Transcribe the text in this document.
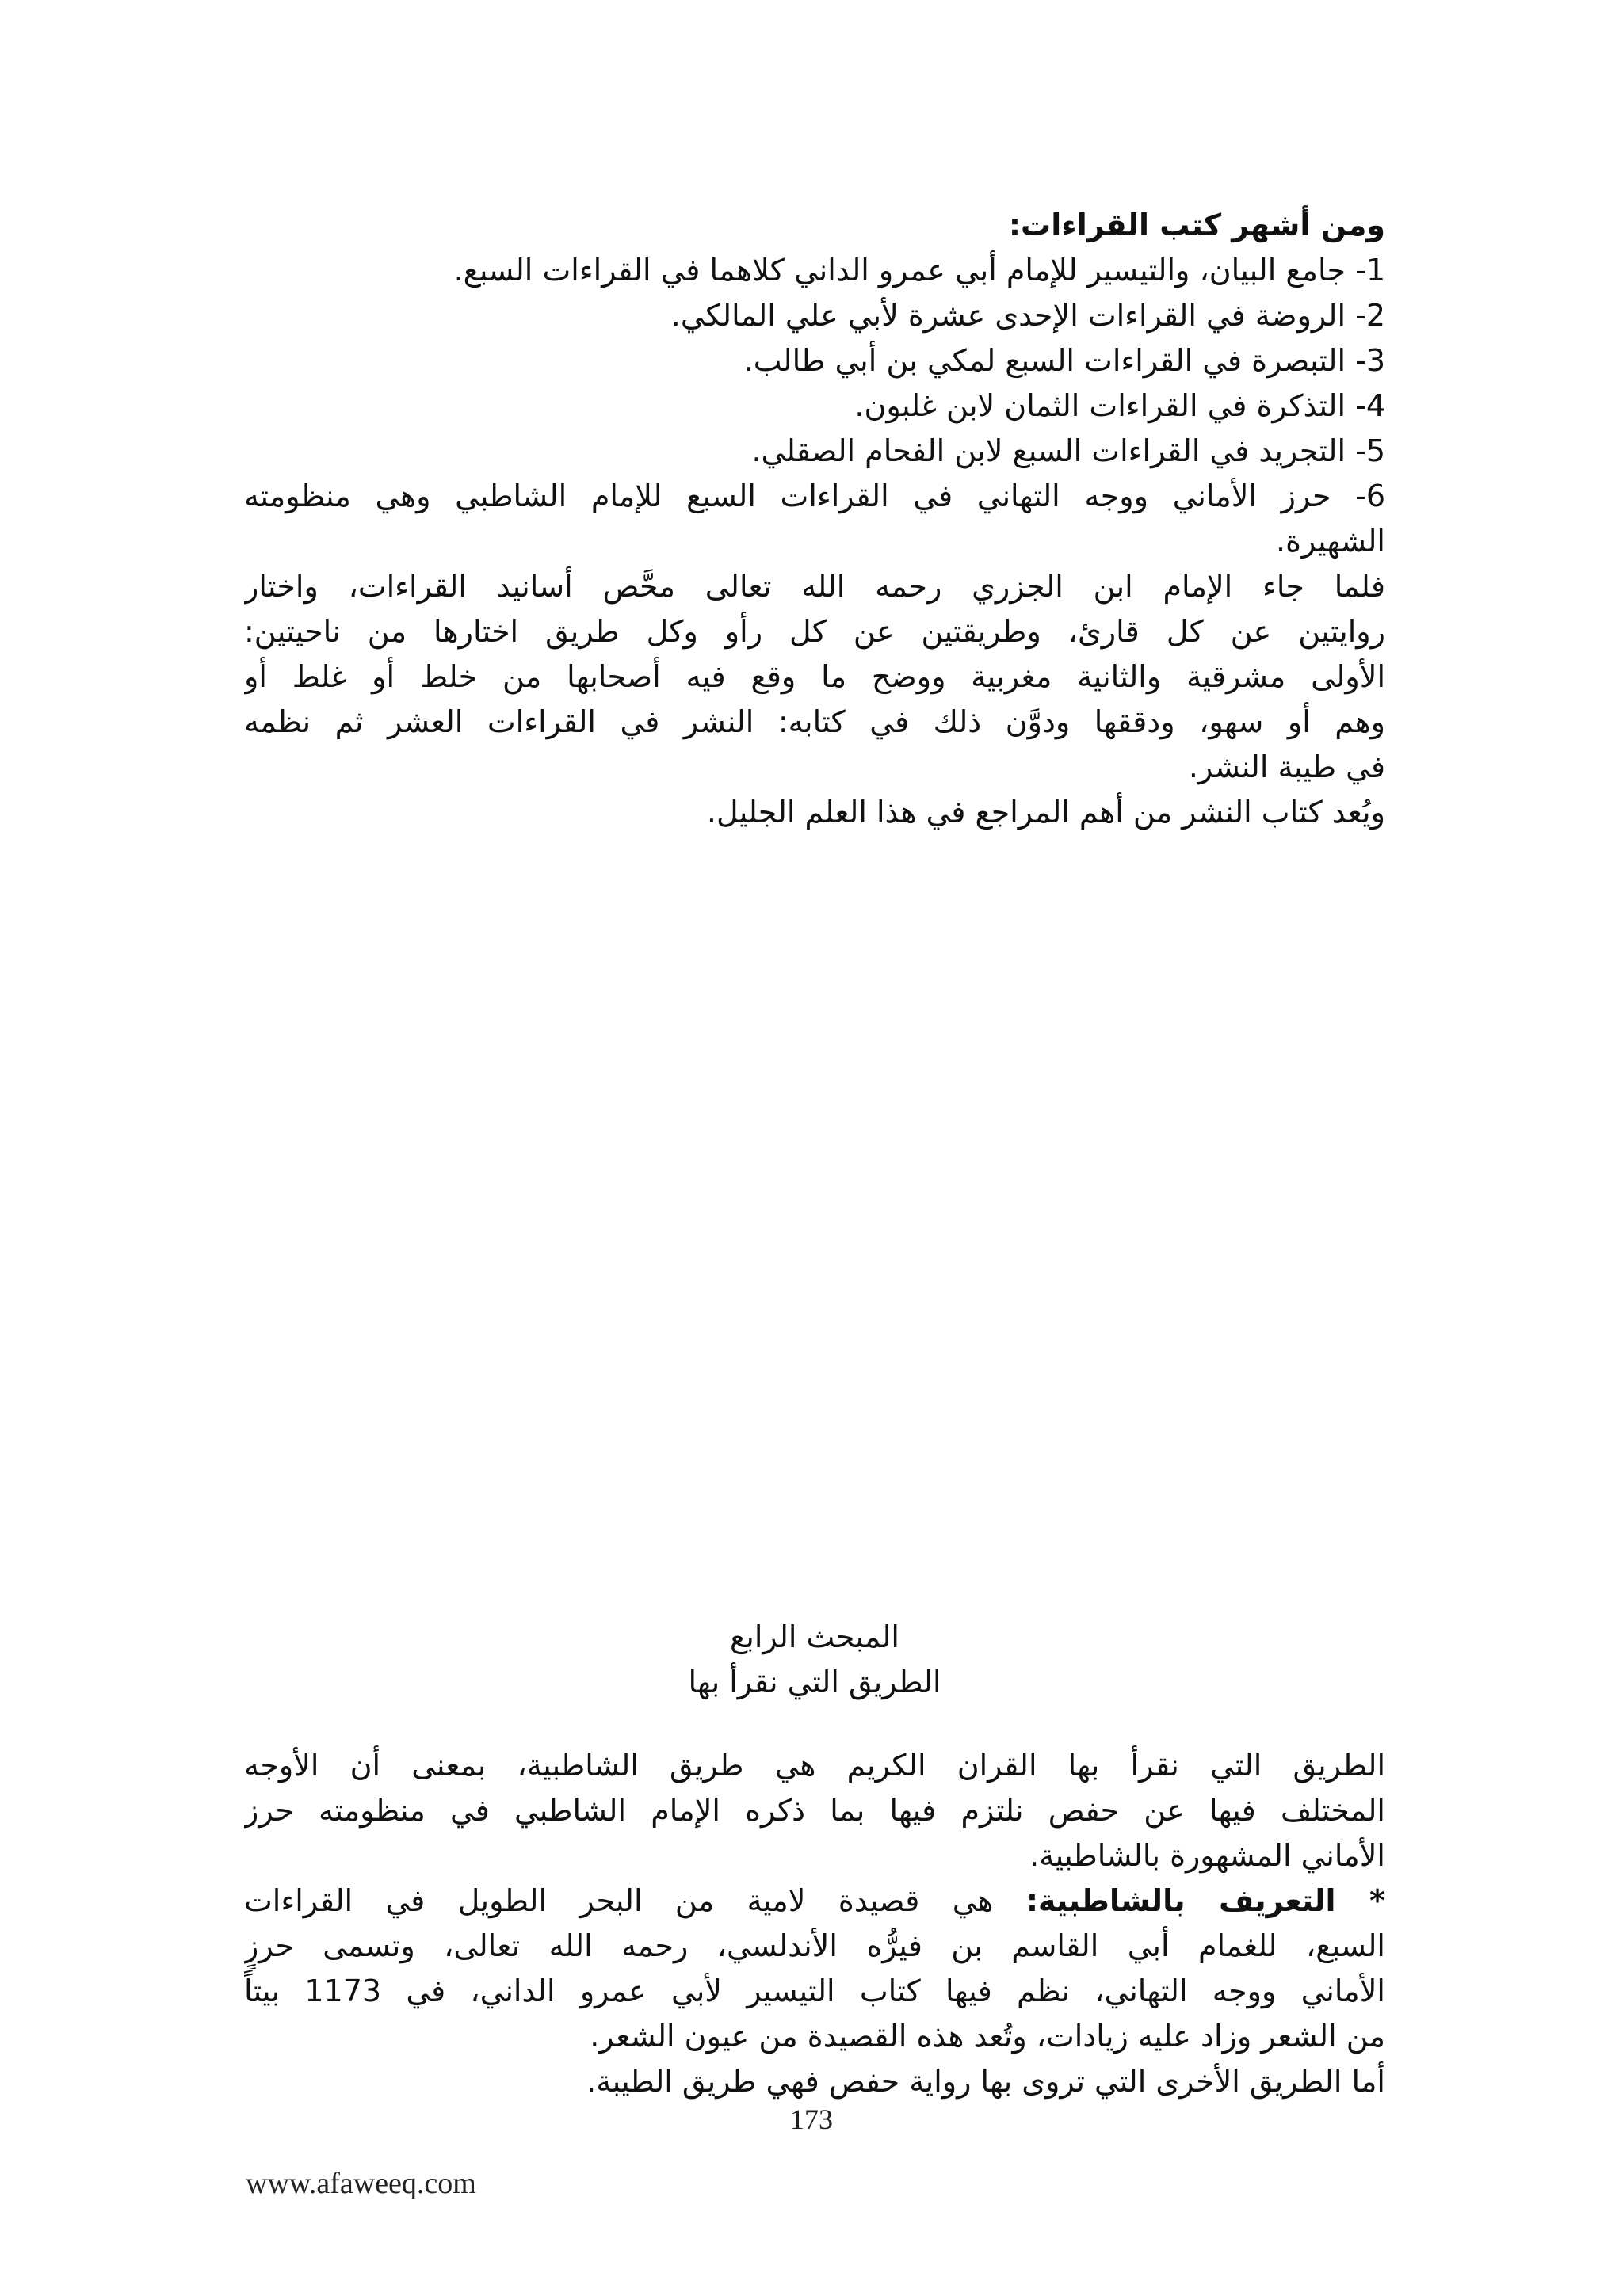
ومن أشهر كتب القراءات:
1- جامع البيان، والتيسير للإمام أبي عمرو الداني كلاهما في القراءات السبع.
2- الروضة في القراءات الإحدى عشرة لأبي علي المالكي.
3- التبصرة في القراءات السبع لمكي بن أبي طالب.
4- التذكرة في القراءات الثمان لابن غلبون.
5- التجريد في القراءات السبع لابن الفحام الصقلي.
6- حرز الأماني ووجه التهاني في القراءات السبع للإمام الشاطبي وهي منظومته
الشهيرة.
فلما جاء الإمام ابن الجزري رحمه الله تعالى محَّص أسانيد القراءات، واختار
روايتين عن كل قارئ، وطريقتين عن كل رأو وكل طريق اختارها من ناحيتين:
الأولى مشرقية والثانية مغربية ووضح ما وقع فيه أصحابها من خلط أو غلط أو
وهم أو سهو، ودققها ودوَّن ذلك في كتابه: النشر في القراءات العشر ثم نظمه
في طيبة النشر.
ويُعد كتاب النشر من أهم المراجع في هذا العلم الجليل.
المبحث الرابع
الطريق التي نقرأ بها
الطريق التي نقرأ بها القران الكريم هي طريق الشاطبية، بمعنى أن الأوجه
المختلف فيها عن حفص نلتزم فيها بما ذكره الإمام الشاطبي في منظومته حرز
الأماني المشهورة بالشاطبية.
* التعريف بالشاطبية: هي قصيدة لامية من البحر الطويل في القراءات
السبع، للغمام أبي القاسم بن فيرُّه الأندلسي، رحمه الله تعالى، وتسمى حرزٍ
الأماني ووجه التهاني، نظم فيها كتاب التيسير لأبي عمرو الداني، في 1173 بيتاً
من الشعر وزاد عليه زيادات، وتُعد هذه القصيدة من عيون الشعر.
أما الطريق الأخرى التي تروى بها رواية حفص فهي طريق الطيبة.
173
www.afaweeq.com
